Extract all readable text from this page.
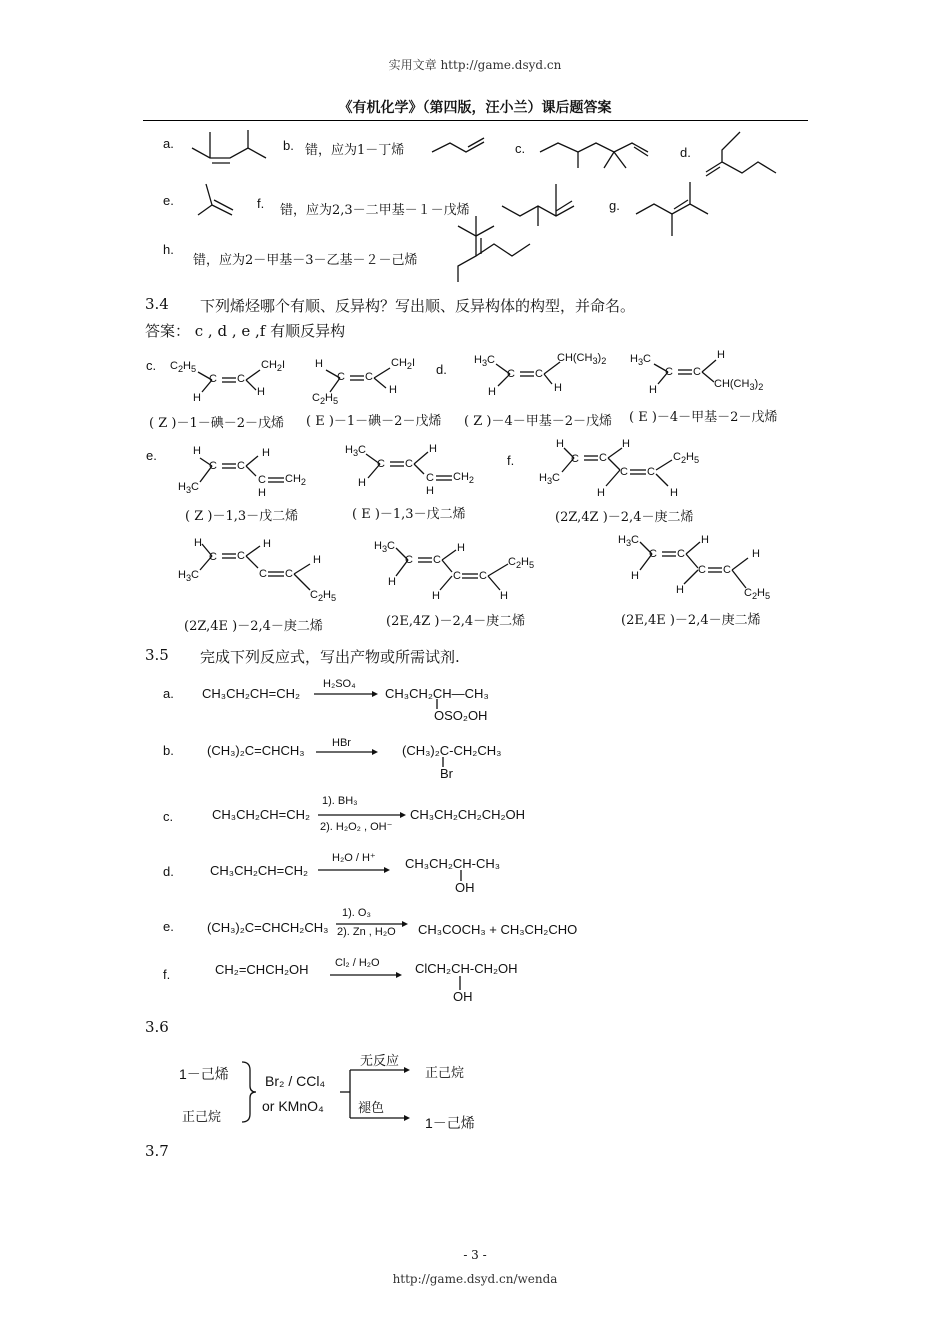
实用文章 http://game.dsyd.cn
《有机化学》（第四版，汪小兰）课后题答案
a.	b. 错，应为1－丁烯	c.	d.
e.	f. 错，应为2,3－二甲基－１－戊烯	g.
h.
错，应为2－甲基－3－乙基－２－己烯
3.4 下列烯烃哪个有顺、反异构？写出顺、反异构体的构型，并命名。
答案： c , d , e ,f 有顺反异构
c. $C_2H_5$
C C
$CH_2I$
H	H
( Z )－1－碘－2－戊烯
H
C C
$CH_2I$
$C_2H_5$
H
( E )－1－碘－2－戊烯
d.
$H_3C$
C C
$CH(CH_3)_2$
H	H
( Z )－4－甲基－2－戊烯
$H_3C$
C C
H
H	$CH(CH_3)_2$
( E )－4－甲基－2－戊烯
e.	H
C C
H
$H_3C$
C $CH_2$
H
( Z )－1,3－戊二烯
$H_3C$
C C
H
H	C $CH_2$
H
( E )－1,3－戊二烯
f.
H
C C
H
$H_3C$	C C
$C_2H_5$
H	H
(2Z,4Z )－2,4－庚二烯
H
C C
H
$H_3C$	C C
H
$C_2H_5$
(2Z,4E )－2,4－庚二烯
$H_3C$
C C
H
H	C C
$C_2H_5$
H	H
(2E,4Z )－2,4－庚二烯
$H_3C$
C C
H
H	C C
H
H	$C_2H_5$
(2E,4E )－2,4－庚二烯
3.5 完成下列反应式，写出产物或所需试剂.
a. CH₃CH₂CH=CH₂
H₂SO₄
CH₃CH₂CH—CH₃
OSO₂OH
b.	(CH₃)₂C=CHCH₃ HBr	(CH₃)₂C-CH₂CH₃
Br
c.	CH₃CH₂CH=CH₂
1). BH₃
2). H₂O₂ , OH⁻
CH₃CH₂CH₂CH₂OH
d.	CH₃CH₂CH=CH₂
H₂O / H⁺ CH₃CH₂CH-CH₃
OH
e.	(CH₃)₂C=CHCH₂CH₃
1). O₃
2). Zn , H₂O CH₃COCH₃ + CH₃CH₂CHO
f.	CH₂=CHCH₂OH Cl₂ / H₂O	ClCH₂CH-CH₂OH
OH
3.6
1－己烯
正己烷
Br₂ / CCl₄
or KMnO₄
无反应
正己烷
褪色
1－己烯
3.7
- 3 -
http://game.dsyd.cn/wenda
